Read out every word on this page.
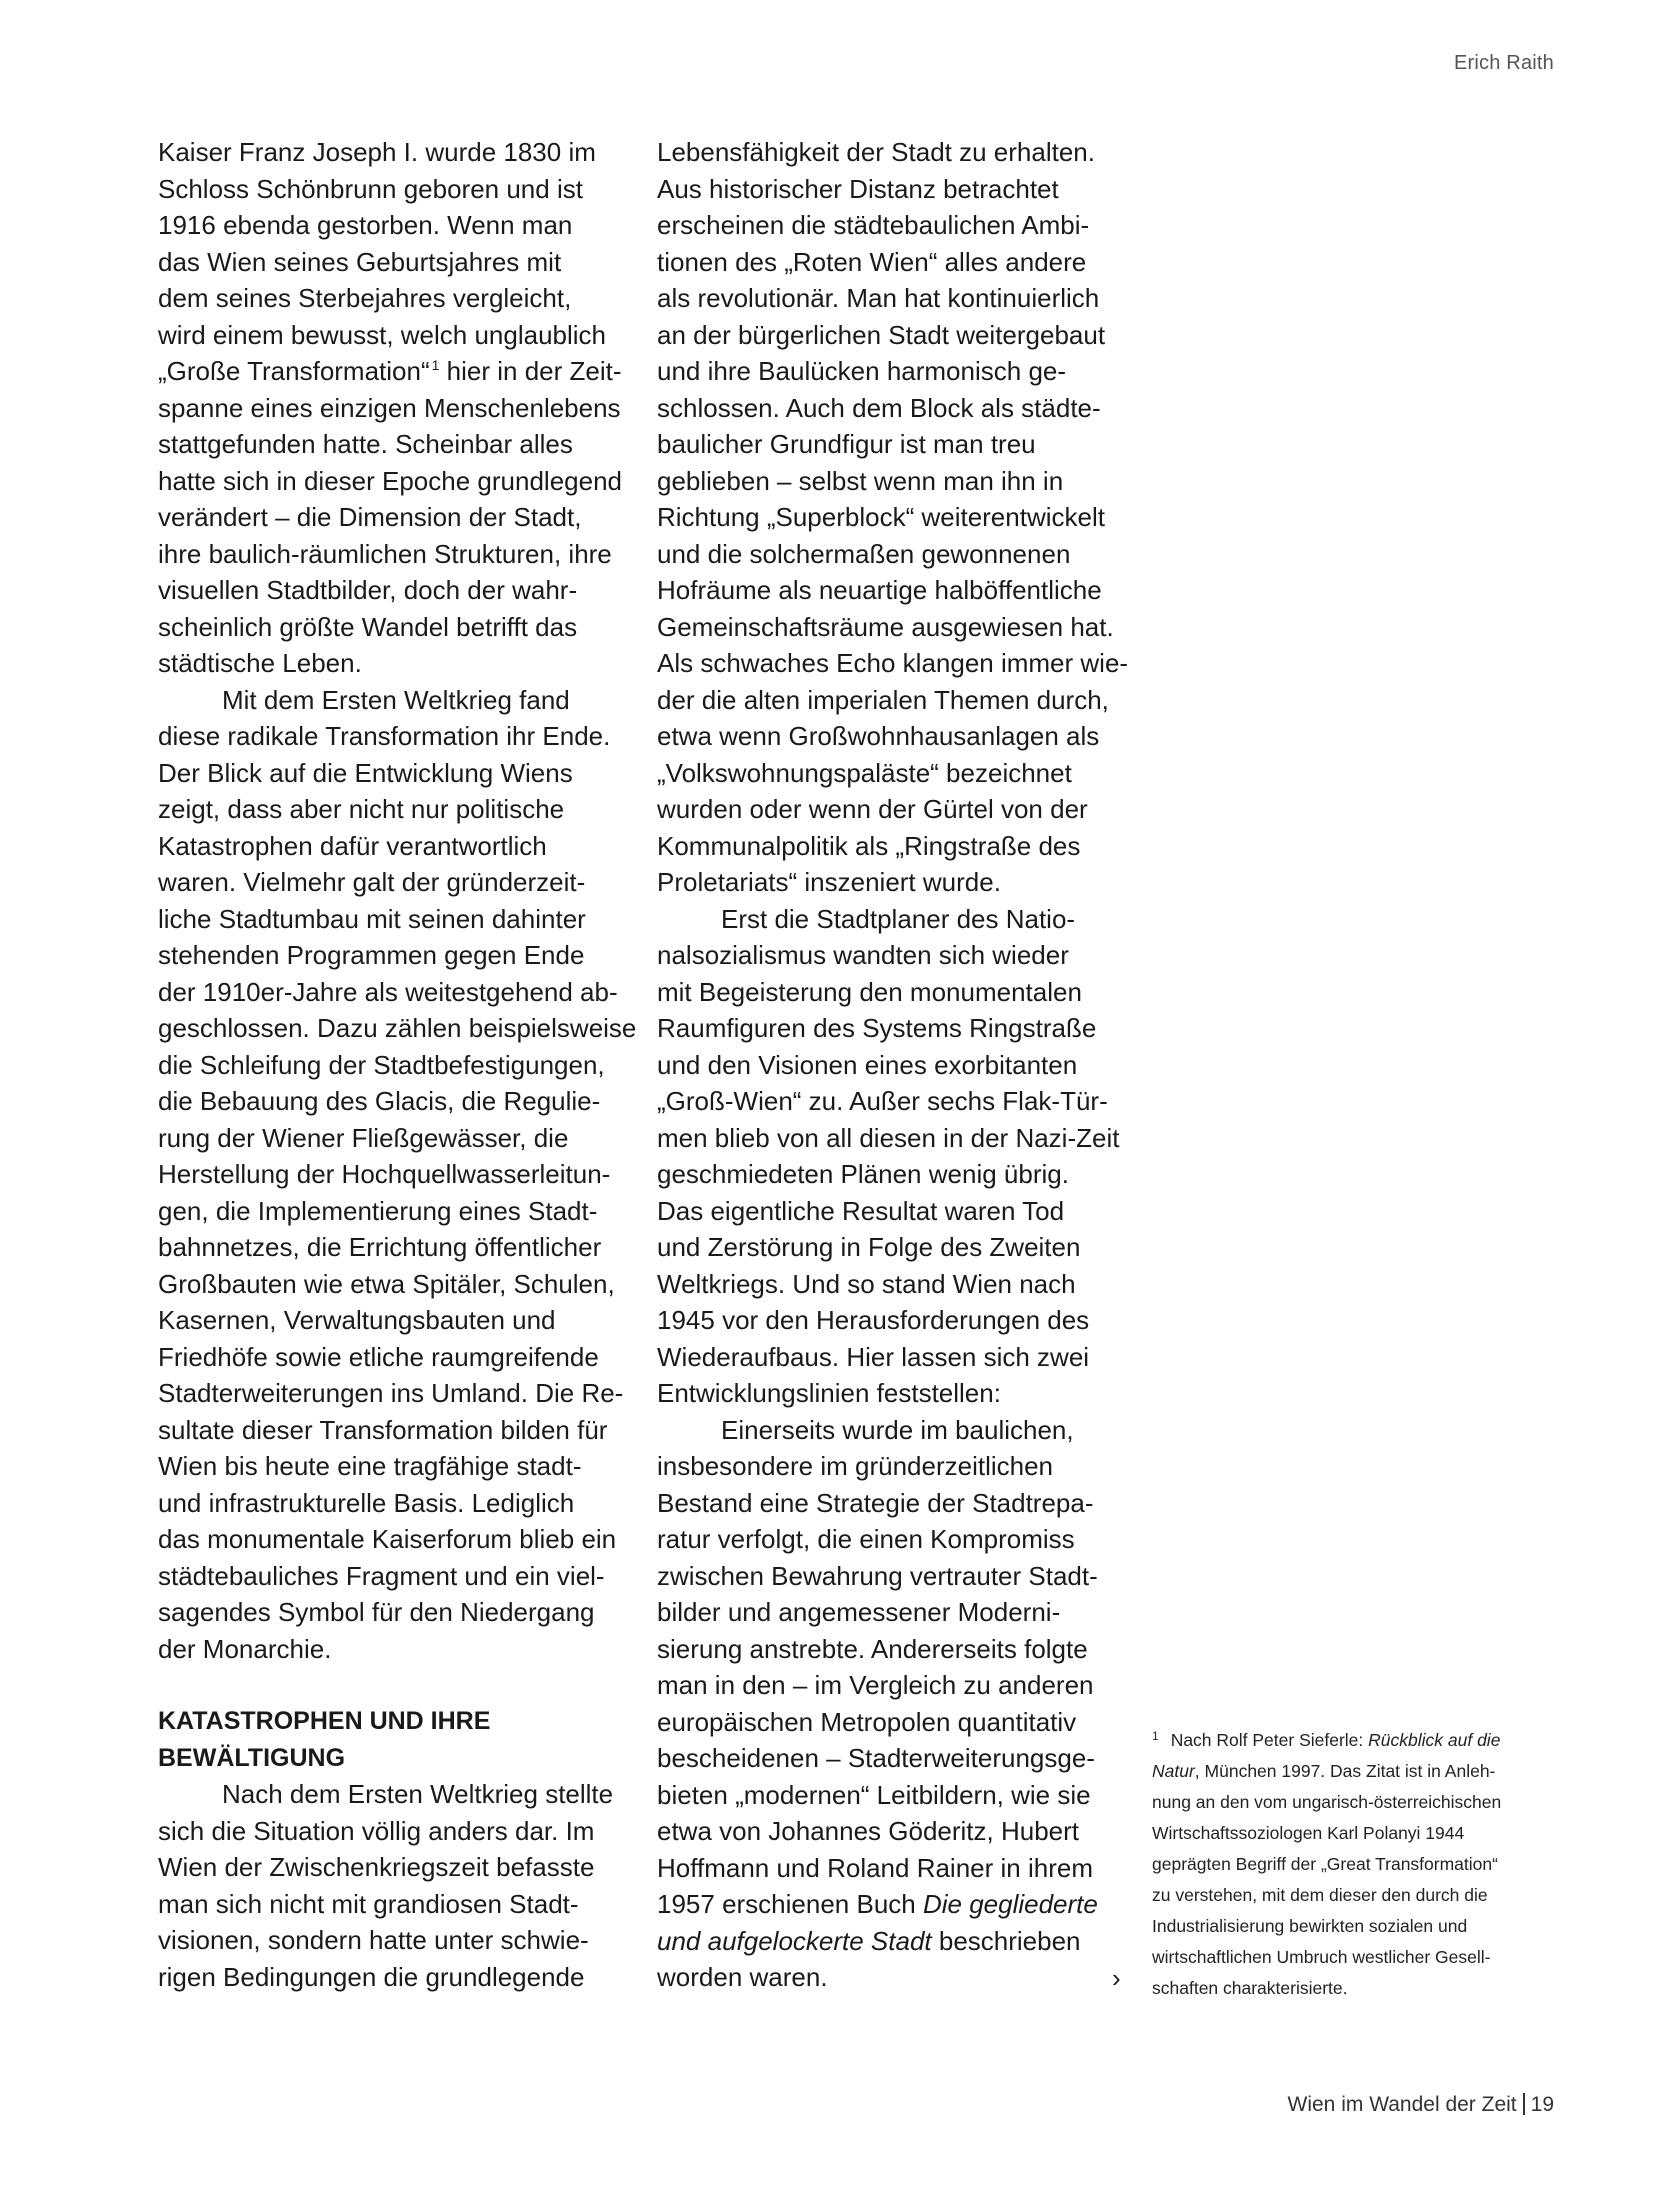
Erich Raith

Kaiser Franz Joseph I. wurde 1830 im
Schloss Schönbrunn geboren und ist
1916 ebenda gestorben. Wenn man
das Wien seines Geburtsjahres mit
dem seines Sterbejahres vergleicht,
wird einem bewusst, welch unglaublich
„Große Transformation“ $^1$ hier in der Zeit-
spanne eines einzigen Menschenlebens
stattgefunden hatte. Scheinbar alles
hatte sich in dieser Epoche grundlegend
verändert – die Dimension der Stadt,
ihre baulich-räumlichen Strukturen, ihre
visuellen Stadtbilder, doch der wahr-
scheinlich größte Wandel betrifft das
städtische Leben.

Mit dem Ersten Weltkrieg fand
diese radikale Transformation ihr Ende.
Der Blick auf die Entwicklung Wiens
zeigt, dass aber nicht nur politische
Katastrophen dafür verantwortlich
waren. Vielmehr galt der gründerzeit-
liche Stadtumbau mit seinen dahinter
stehenden Programmen gegen Ende
der 1910er-Jahre als weitestgehend ab-
geschlossen. Dazu zählen beispielsweise
die Schleifung der Stadtbefestigungen,
die Bebauung des Glacis, die Regulie-
rung der Wiener Fließgewässer, die
Herstellung der Hochquellwasserleitun-
gen, die Implementierung eines Stadt-
bahnnetzes, die Errichtung öffentlicher
Großbauten wie etwa Spitäler, Schulen,
Kasernen, Verwaltungsbauten und
Friedhöfe sowie etliche raumgreifende
Stadterweiterungen ins Umland. Die Re-
sultate dieser Transformation bilden für
Wien bis heute eine tragfähige stadt-
und infrastrukturelle Basis. Lediglich
das monumentale Kaiserforum blieb ein
städtebauliches Fragment und ein viel-
sagendes Symbol für den Niedergang
der Monarchie.

KATASTROPHEN UND IHRE
BEWÄLTIGUNG

Nach dem Ersten Weltkrieg stellte
sich die Situation völlig anders dar. Im
Wien der Zwischenkriegszeit befasste
man sich nicht mit grandiosen Stadt-
visionen, sondern hatte unter schwie-
rigen Bedingungen die grundlegende

Lebensfähigkeit der Stadt zu erhalten.
Aus historischer Distanz betrachtet
erscheinen die städtebaulichen Ambi-
tionen des „Roten Wien“ alles andere
als revolutionär. Man hat kontinuierlich
an der bürgerlichen Stadt weitergebaut
und ihre Baulücken harmonisch ge-
schlossen. Auch dem Block als städte-
baulicher Grundfigur ist man treu
geblieben – selbst wenn man ihn in
Richtung „Superblock“ weiterentwickelt
und die solchermaßen gewonnenen
Hofräume als neuartige halböffentliche
Gemeinschaftsräume ausgewiesen hat.
Als schwaches Echo klangen immer wie-
der die alten imperialen Themen durch,
etwa wenn Großwohnhausanlagen als
„Volkswohnungspaläste“ bezeichnet
wurden oder wenn der Gürtel von der
Kommunalpolitik als „Ringstraße des
Proletariats“ inszeniert wurde.

Erst die Stadtplaner des Natio-
nalsozialismus wandten sich wieder
mit Begeisterung den monumentalen
Raumfiguren des Systems Ringstraße
und den Visionen eines exorbitanten
„Groß-Wien“ zu. Außer sechs Flak-Tür-
men blieb von all diesen in der Nazi-Zeit
geschmiedeten Plänen wenig übrig.
Das eigentliche Resultat waren Tod
und Zerstörung in Folge des Zweiten
Weltkriegs. Und so stand Wien nach
1945 vor den Herausforderungen des
Wiederaufbaus. Hier lassen sich zwei
Entwicklungslinien feststellen:

Einerseits wurde im baulichen,
insbesondere im gründerzeitlichen
Bestand eine Strategie der Stadtrepa-
ratur verfolgt, die einen Kompromiss
zwischen Bewahrung vertrauter Stadt-
bilder und angemessener Moderni-
sierung anstrebte. Andererseits folgte
man in den – im Vergleich zu anderen
europäischen Metropolen quantitativ
bescheidenen – Stadterweiterungsge-
bieten „modernen“ Leitbildern, wie sie
etwa von Johannes Göderitz, Hubert
Hoffmann und Roland Rainer in ihrem
1957 erschienen Buch Die gegliederte
und aufgelockerte Stadt beschrieben
worden waren.	›
$^1$ Nach Rolf Peter Sieferle: Rückblick auf die
Natur, München 1997. Das Zitat ist in Anleh-
nung an den vom ungarisch-österreichischen
Wirtschaftssoziologen Karl Polanyi 1944
geprägten Begriff der „Great Transformation“
zu verstehen, mit dem dieser den durch die
Industrialisierung bewirkten sozialen und
wirtschaftlichen Umbruch westlicher Gesell-
schaften charakterisierte.
Wien im Wandel der Zeit 19
